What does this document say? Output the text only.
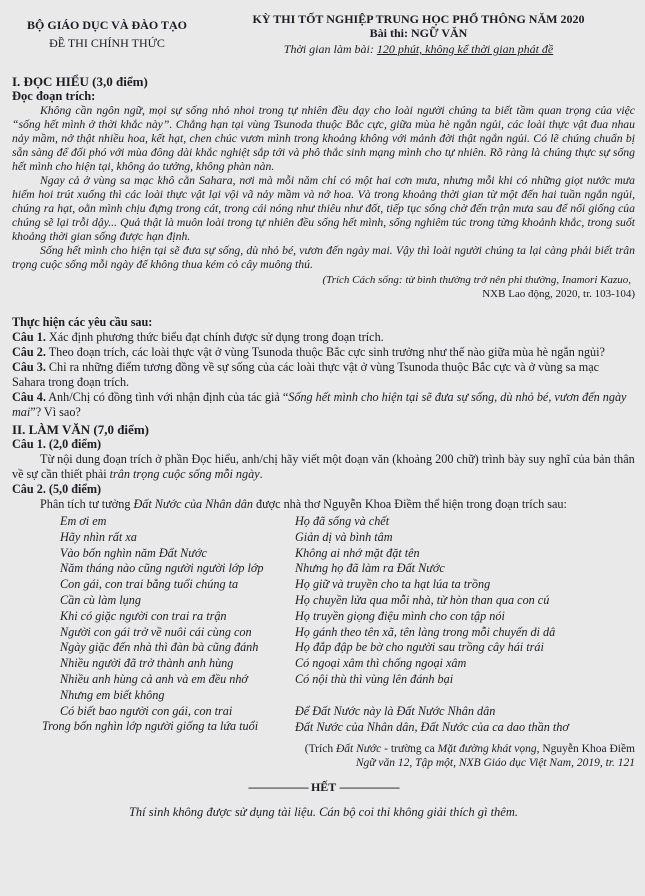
BỘ GIÁO DỤC VÀ ĐÀO TẠO
ĐỀ THI CHÍNH THỨC
KỲ THI TỐT NGHIỆP TRUNG HỌC PHỔ THÔNG NĂM 2020
Bài thi: NGỮ VĂN
Thời gian làm bài: 120 phút, không kể thời gian phát đề
I. ĐỌC HIỂU (3,0 điểm)
Đọc đoạn trích:

Không cần ngôn ngữ, mọi sự sống nhỏ nhoi trong tự nhiên đều dạy cho loài người chúng ta biết tầm quan trọng của việc “sống hết mình ở thời khắc này”. Chẳng hạn tại vùng Tsunoda thuộc Bắc cực, giữa mùa hè ngắn ngủi, các loài thực vật đua nhau nảy mầm, nở thật nhiều hoa, kết hạt, chen chúc vươn mình trong khoảng không với mảnh đời thật ngắn ngủi. Có lẽ chúng chuẩn bị sẵn sàng để đối phó với mùa đông dài khắc nghiệt sắp tới và phô thắc sinh mạng mình cho tự nhiên. Rõ ràng là chúng thực sự sống hết mình cho hiện tại, không ảo tưởng, không phàn nàn.

Ngay cả ở vùng sa mạc khô cằn Sahara, nơi mà mỗi năm chỉ có một hai cơn mưa, nhưng mỗi khi có những giọt nước mưa hiếm hoi trút xuống thì các loài thực vật lại vội vã nảy mầm và nở hoa. Và trong khoảng thời gian từ một đến hai tuần ngắn ngủi, chúng ra hạt, oằn mình chịu đựng trong cát, trong cái nóng như thiêu như đốt, tiếp tục sống chờ đến trận mưa sau để nối giống của chúng sẽ lại trỗi dậy... Quả thật là muôn loài trong tự nhiên đều sống hết mình, sống nghiêm túc trong từng khoảnh khắc, trong suốt khoảng thời gian sống được hạn định.

Sống hết mình cho hiện tại sẽ đưa sự sống, dù nhỏ bé, vươn đến ngày mai. Vậy thì loài người chúng ta lại càng phải biết trân trọng cuộc sống mỗi ngày để không thua kém cỏ cây muông thú.

(Trích Cách sống: từ bình thường trở nên phi thường, Inamori Kazuo,
NXB Lao động, 2020, tr. 103-104)
Thực hiện các yêu cầu sau:

Câu 1. Xác định phương thức biểu đạt chính được sử dụng trong đoạn trích.

Câu 2. Theo đoạn trích, các loài thực vật ở vùng Tsunoda thuộc Bắc cực sinh trưởng như thế nào giữa mùa hè ngắn ngủi?

Câu 3. Chỉ ra những điểm tương đồng về sự sống của các loài thực vật ở vùng Tsunoda thuộc Bắc cực và ở vùng sa mạc Sahara trong đoạn trích.

Câu 4. Anh/Chị có đồng tình với nhận định của tác giả “Sống hết mình cho hiện tại sẽ đưa sự sống, dù nhỏ bé, vươn đến ngày mai”? Vì sao?

II. LÀM VĂN (7,0 điểm)
Câu 1. (2,0 điểm)

Từ nội dung đoạn trích ở phần Đọc hiểu, anh/chị hãy viết một đoạn văn (khoảng 200 chữ) trình bày suy nghĩ của bản thân về sự cần thiết phải trân trọng cuộc sống mỗi ngày.

Câu 2. (5,0 điểm)

Phân tích tư tưởng Đất Nước của Nhân dân được nhà thơ Nguyễn Khoa Điềm thể hiện trong đoạn trích sau:

Em ơi em
Hãy nhìn rất xa
Vào bốn nghìn năm Đất Nước
Năm tháng nào cũng người người lớp lớp
Con gái, con trai bằng tuổi chúng ta
Cần cù làm lụng
Khi có giặc người con trai ra trận
Người con gái trở về nuôi cái cùng con
Ngày giặc đến nhà thì đàn bà cũng đánh
Nhiều người đã trở thành anh hùng
Nhiều anh hùng cả anh và em đều nhớ
Nhưng em biết không
Có biết bao người con gái, con trai
Trong bốn nghìn lớp người giống ta lứa tuổi
Họ đã sống và chết
Giản dị và bình tâm
Không ai nhớ mặt đặt tên
Nhưng họ đã làm ra Đất Nước
Họ giữ và truyền cho ta hạt lúa ta trồng
Họ chuyền lửa qua mỗi nhà, từ hòn than qua con cú
Họ truyền giọng điệu mình cho con tập nói
Họ gánh theo tên xã, tên làng trong mỗi chuyến di dâ
Họ đắp đập be bờ cho người sau trồng cây hái trái
Có ngoại xâm thì chống ngoại xâm
Có nội thù thì vùng lên đánh bại
Để Đất Nước này là Đất Nước Nhân dân
Đất Nước của Nhân dân, Đất Nước của ca dao thần thơ
(Trích Đất Nước - trường ca Mặt đường khát vọng, Nguyễn Khoa Điềm
Ngữ văn 12, Tập một, NXB Giáo dục Việt Nam, 2019, tr. 121
-------------------- HẾT --------------------
Thí sinh không được sử dụng tài liệu. Cán bộ coi thi không giải thích gì thêm.
